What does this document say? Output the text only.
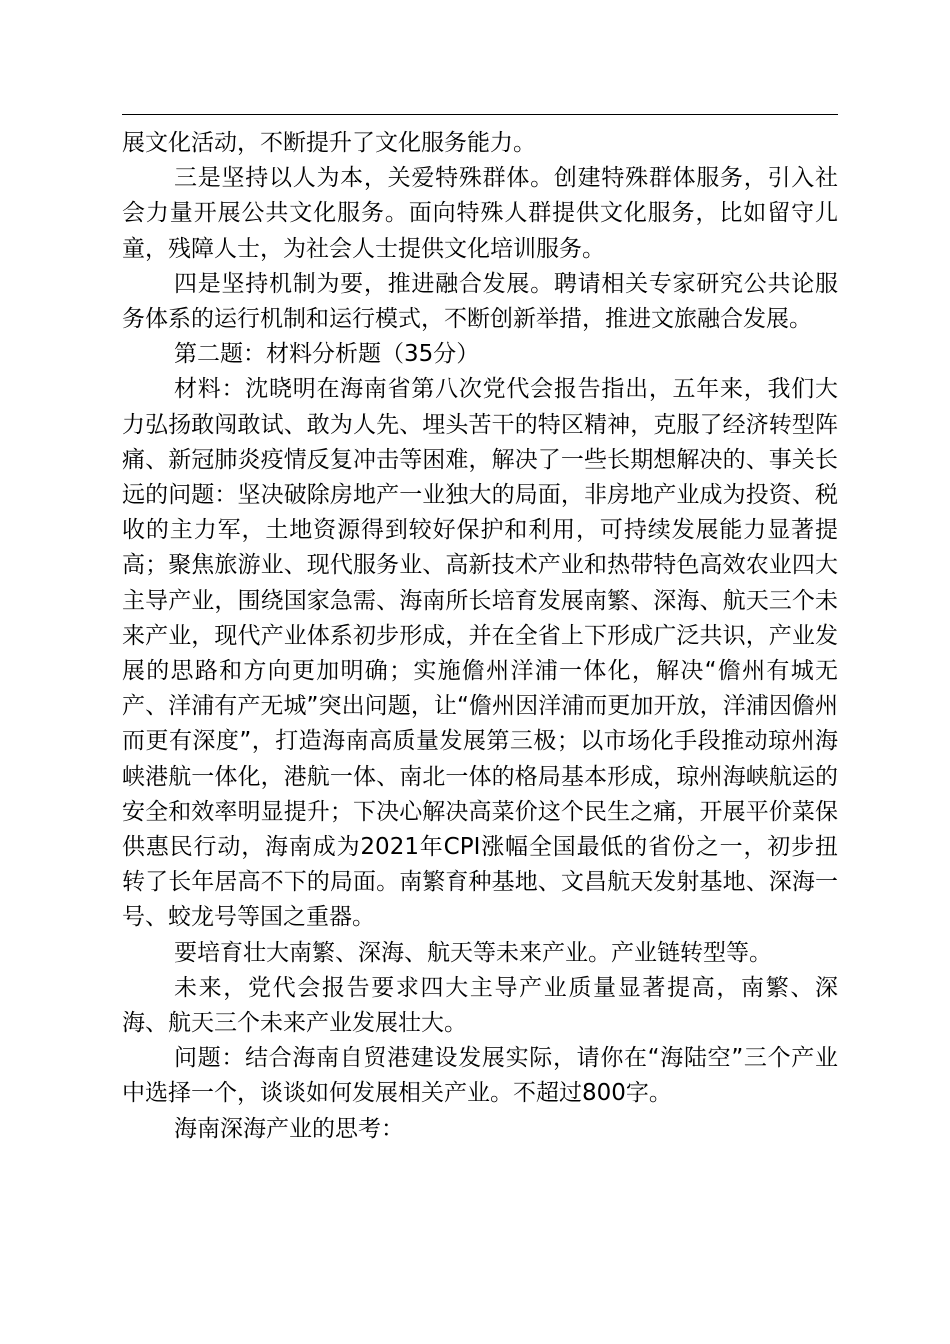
展文化活动，不断提升了文化服务能力。

三是坚持以人为本，关爱特殊群体。创建特殊群体服务，引入社会力量开展公共文化服务。面向特殊人群提供文化服务，比如留守儿童，残障人士，为社会人士提供文化培训服务。

四是坚持机制为要，推进融合发展。聘请相关专家研究公共论服务体系的运行机制和运行模式，不断创新举措，推进文旅融合发展。

第二题：材料分析题（35分）

材料：沈晓明在海南省第八次党代会报告指出，五年来，我们大力弘扬敢闯敢试、敢为人先、埋头苦干的特区精神，克服了经济转型阵痛、新冠肺炎疫情反复冲击等困难，解决了一些长期想解决的、事关长远的问题：坚决破除房地产一业独大的局面，非房地产业成为投资、税收的主力军，土地资源得到较好保护和利用，可持续发展能力显著提高；聚焦旅游业、现代服务业、高新技术产业和热带特色高效农业四大主导产业，围绕国家急需、海南所长培育发展南繁、深海、航天三个未来产业，现代产业体系初步形成，并在全省上下形成广泛共识，产业发展的思路和方向更加明确；实施儋州洋浦一体化，解决“儋州有城无产、洋浦有产无城”突出问题，让“儋州因洋浦而更加开放，洋浦因儋州而更有深度”，打造海南高质量发展第三极；以市场化手段推动琼州海峡港航一体化，港航一体、南北一体的格局基本形成，琼州海峡航运的安全和效率明显提升；下决心解决高菜价这个民生之痛，开展平价菜保供惠民行动，海南成为2021年CPI涨幅全国最低的省份之一，初步扭转了长年居高不下的局面。南繁育种基地、文昌航天发射基地、深海一号、蛟龙号等国之重器。

要培育壮大南繁、深海、航天等未来产业。产业链转型等。

未来，党代会报告要求四大主导产业质量显著提高，南繁、深海、航天三个未来产业发展壮大。

问题：结合海南自贸港建设发展实际，请你在“海陆空”三个产业中选择一个，谈谈如何发展相关产业。不超过800字。

海南深海产业的思考：
